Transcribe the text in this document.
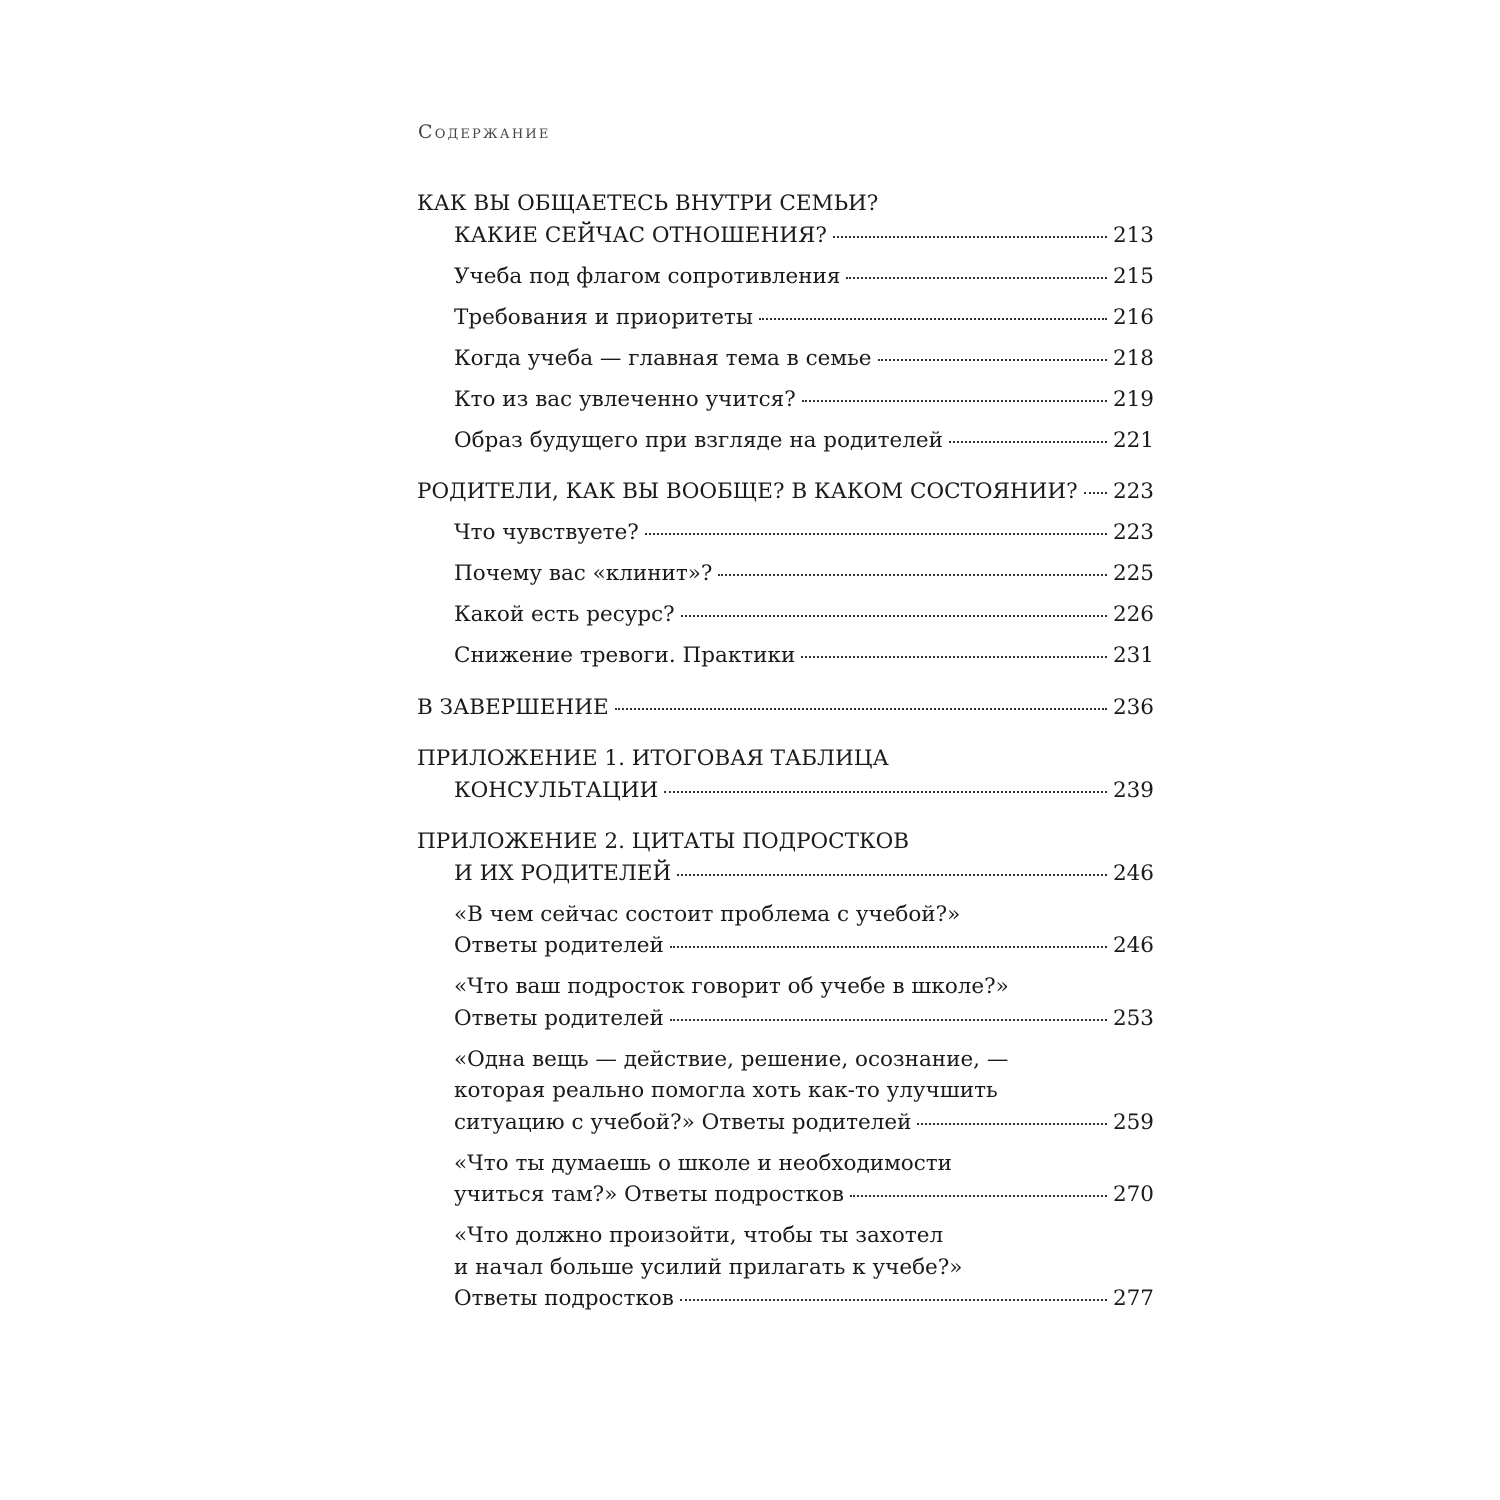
Содержание
КАК ВЫ ОБЩАЕТЕСЬ ВНУТРИ СЕМЬИ?
КАКИЕ СЕЙЧАС ОТНОШЕНИЯ?	213
Учеба под флагом сопротивления	215
Требования и приоритеты	216
Когда учеба — главная тема в семье	218
Кто из вас увлеченно учится?	219
Образ будущего при взгляде на родителей	221
РОДИТЕЛИ, КАК ВЫ ВООБЩЕ? В КАКОМ СОСТОЯНИИ? 223
Что чувствуете?	223
Почему вас «клинит»?	225
Какой есть ресурс?	226
Снижение тревоги. Практики	231
В ЗАВЕРШЕНИЕ	236
ПРИЛОЖЕНИЕ 1. ИТОГОВАЯ ТАБЛИЦА
КОНСУЛЬТАЦИИ	239
ПРИЛОЖЕНИЕ 2. ЦИТАТЫ ПОДРОСТКОВ
И ИХ РОДИТЕЛЕЙ	246
«В чем сейчас состоит проблема с учебой?»
Ответы родителей	246
«Что ваш подросток говорит об учебе в школе?»
Ответы родителей	253
«Одна вещь — действие, решение, осознание, —
которая реально помогла хоть как-то улучшить
ситуацию с учебой?» Ответы родителей	259
«Что ты думаешь о школе и необходимости
учиться там?» Ответы подростков	270
«Что должно произойти, чтобы ты захотел
и начал больше усилий прилагать к учебе?»
Ответы подростков	277
